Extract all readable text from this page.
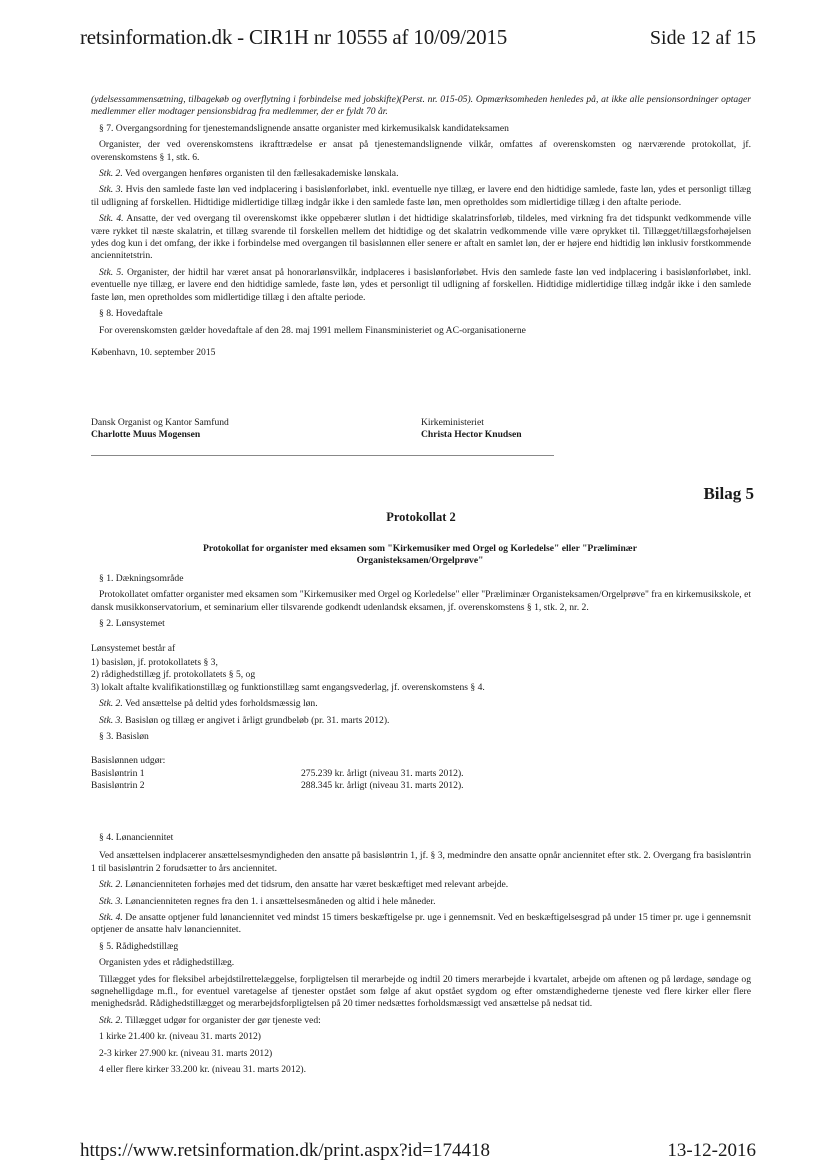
retsinformation.dk - CIR1H nr 10555 af 10/09/2015	Side 12 af 15

(ydelsessammensætning, tilbagekøb og overflytning i forbindelse med jobskifte)(Perst. nr. 015-05). Opmærksomheden henledes på, at ikke alle pensionsordninger optager medlemmer eller modtager pensionsbidrag fra medlemmer, der er fyldt 70 år.

§ 7. Overgangsordning for tjenestemandslignende ansatte organister med kirkemusikalsk kandidateksamen

Organister, der ved overenskomstens ikrafttrædelse er ansat på tjenestemandslignende vilkår, omfattes af overenskomsten og nærværende protokollat, jf. overenskomstens § 1, stk. 6.

Stk. 2. Ved overgangen henføres organisten til den fællesakademiske lønskala.

Stk. 3. Hvis den samlede faste løn ved indplacering i basislønforløbet, inkl. eventuelle nye tillæg, er lavere end den hidtidige samlede, faste løn, ydes et personligt tillæg til udligning af forskellen. Hidtidige midlertidige tillæg indgår ikke i den samlede faste løn, men opretholdes som midlertidige tillæg i den aftalte periode.

Stk. 4. Ansatte, der ved overgang til overenskomst ikke oppebærer slutløn i det hidtidige skalatrinsforløb, tildeles, med virkning fra det tidspunkt vedkommende ville være rykket til næste skalatrin, et tillæg svarende til forskellen mellem det hidtidige og det skalatrin vedkommende ville være oprykket til. Tillægget/tillægsforhøjelsen ydes dog kun i det omfang, der ikke i forbindelse med overgangen til basislønnen eller senere er aftalt en samlet løn, der er højere end hidtidig løn inklusiv forstkommende anciennitetstrin.

Stk. 5. Organister, der hidtil har været ansat på honorarlønsvilkår, indplaceres i basislønforløbet. Hvis den samlede faste løn ved indplacering i basislønforløbet, inkl. eventuelle nye tillæg, er lavere end den hidtidige samlede, faste løn, ydes et personligt til udligning af forskellen. Hidtidige midlertidige tillæg indgår ikke i den samlede faste løn, men opretholdes som midlertidige tillæg i den aftalte periode.

§ 8. Hovedaftale

For overenskomsten gælder hovedaftale af den 28. maj 1991 mellem Finansministeriet og AC-organisationerne

København, 10. september 2015

Dansk Organist og Kantor Samfund
Charlotte Muus Mogensen
Kirkeministeriet
Christa Hector Knudsen
Bilag 5
Protokollat 2
Protokollat for organister med eksamen som "Kirkemusiker med Orgel og Korledelse" eller "Præliminær Organisteksamen/Orgelprøve"

§ 1. Dækningsområde

Protokollatet omfatter organister med eksamen som "Kirkemusiker med Orgel og Korledelse" eller "Præliminær Organisteksamen/Orgelprøve" fra en kirkemusikskole, et dansk musikkonservatorium, et seminarium eller tilsvarende godkendt udenlandsk eksamen, jf. overenskomstens § 1, stk. 2, nr. 2.

§ 2. Lønsystemet

Lønsystemet består af

1) basisløn, jf. protokollatets § 3,

2) rådighedstillæg jf. protokollatets § 5, og

3) lokalt aftalte kvalifikationstillæg og funktionstillæg samt engangsvederlag, jf. overenskomstens § 4.

Stk. 2. Ved ansættelse på deltid ydes forholdsmæssig løn.

Stk. 3. Basisløn og tillæg er angivet i årligt grundbeløb (pr. 31. marts 2012).

§ 3. Basisløn

Basislønnen udgør:

Basisløntrin 1	275.239 kr. årligt (niveau 31. marts 2012).
Basisløntrin 2	288.345 kr. årligt (niveau 31. marts 2012).

§ 4. Lønanciennitet

Ved ansættelsen indplacerer ansættelsesmyndigheden den ansatte på basisløntrin 1, jf. § 3, medmindre den ansatte opnår anciennitet efter stk. 2. Overgang fra basisløntrin 1 til basisløntrin 2 forudsætter to års anciennitet.

Stk. 2. Lønancienniteten forhøjes med det tidsrum, den ansatte har været beskæftiget med relevant arbejde.

Stk. 3. Lønancienniteten regnes fra den 1. i ansættelsesmåneden og altid i hele måneder.

Stk. 4. De ansatte optjener fuld lønanciennitet ved mindst 15 timers beskæftigelse pr. uge i gennemsnit. Ved en beskæftigelsesgrad på under 15 timer pr. uge i gennemsnit optjener de ansatte halv lønanciennitet.

§ 5. Rådighedstillæg

Organisten ydes et rådighedstillæg.

Tillægget ydes for fleksibel arbejdstilrettelæggelse, forpligtelsen til merarbejde og indtil 20 timers merarbejde i kvartalet, arbejde om aftenen og på lørdage, søndage og søgnehelligdage m.fl., for eventuel varetagelse af tjenester opstået som følge af akut opstået sygdom og efter omstændighederne tjeneste ved flere kirker eller flere menighedsråd. Rådighedstillægget og merarbejdsforpligtelsen på 20 timer nedsættes forholdsmæssigt ved ansættelse på nedsat tid.

Stk. 2. Tillægget udgør for organister der gør tjeneste ved:

1 kirke 21.400 kr. (niveau 31. marts 2012)

2-3 kirker 27.900 kr. (niveau 31. marts 2012)

4 eller flere kirker 33.200 kr. (niveau 31. marts 2012).

https://www.retsinformation.dk/print.aspx?id=174418	13-12-2016
